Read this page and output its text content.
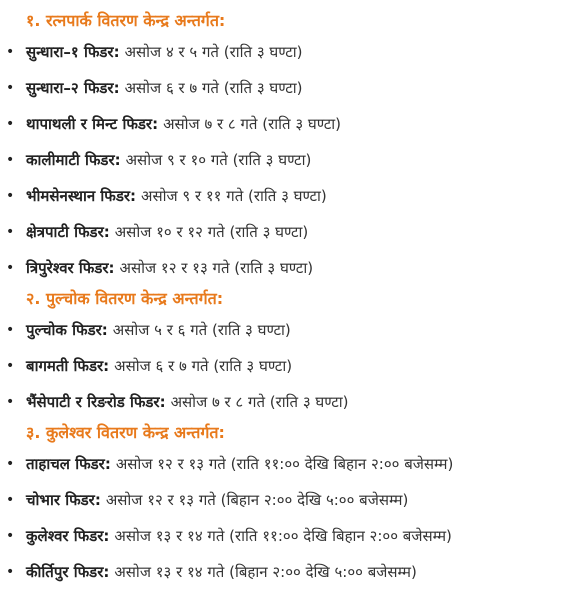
१. रत्नपार्क वितरण केन्द्र अन्तर्गत:
• सुन्धारा–१ फिडर : असोज ४ र ५ गते (राति ३ घण्टा)
• सुन्धारा–२ फिडर : असोज ६ र ७ गते (राति ३ घण्टा)
• थापाथली र मिन्ट फिडर : असोज ७ र ८ गते (राति ३ घण्टा)
• कालीमाटी फिडर : असोज ९ र १० गते (राति ३ घण्टा)
• भीमसेनस्थान फिडर : असोज ९ र ११ गते (राति ३ घण्टा)
• क्षेत्रपाटी फिडर : असोज १० र १२ गते (राति ३ घण्टा)
• त्रिपुरेश्वर फिडर : असोज १२ र १३ गते (राति ३ घण्टा)
२. पुल्चोक वितरण केन्द्र अन्तर्गत:
• पुल्चोक फिडर : असोज ५ र ६ गते (राति ३ घण्टा)
• बागमती फिडर : असोज ६ र ७ गते (राति ३ घण्टा)
• भैंसेपाटी र रिङरोड फिडर : असोज ७ र ८ गते (राति ३ घण्टा)
३. कुलेश्वर वितरण केन्द्र अन्तर्गत:
• ताहाचल फिडर : असोज १२ र १३ गते (राति ११:०० देखि बिहान २:०० बजेसम्म)
• चोभार फिडर : असोज १२ र १३ गते (बिहान २:०० देखि ५:०० बजेसम्म)
• कुलेश्वर फिडर : असोज १३ र १४ गते (राति ११:०० देखि बिहान २:०० बजेसम्म)
• कीर्तिपुर फिडर : असोज १३ र १४ गते (बिहान २:०० देखि ५:०० बजेसम्म)
